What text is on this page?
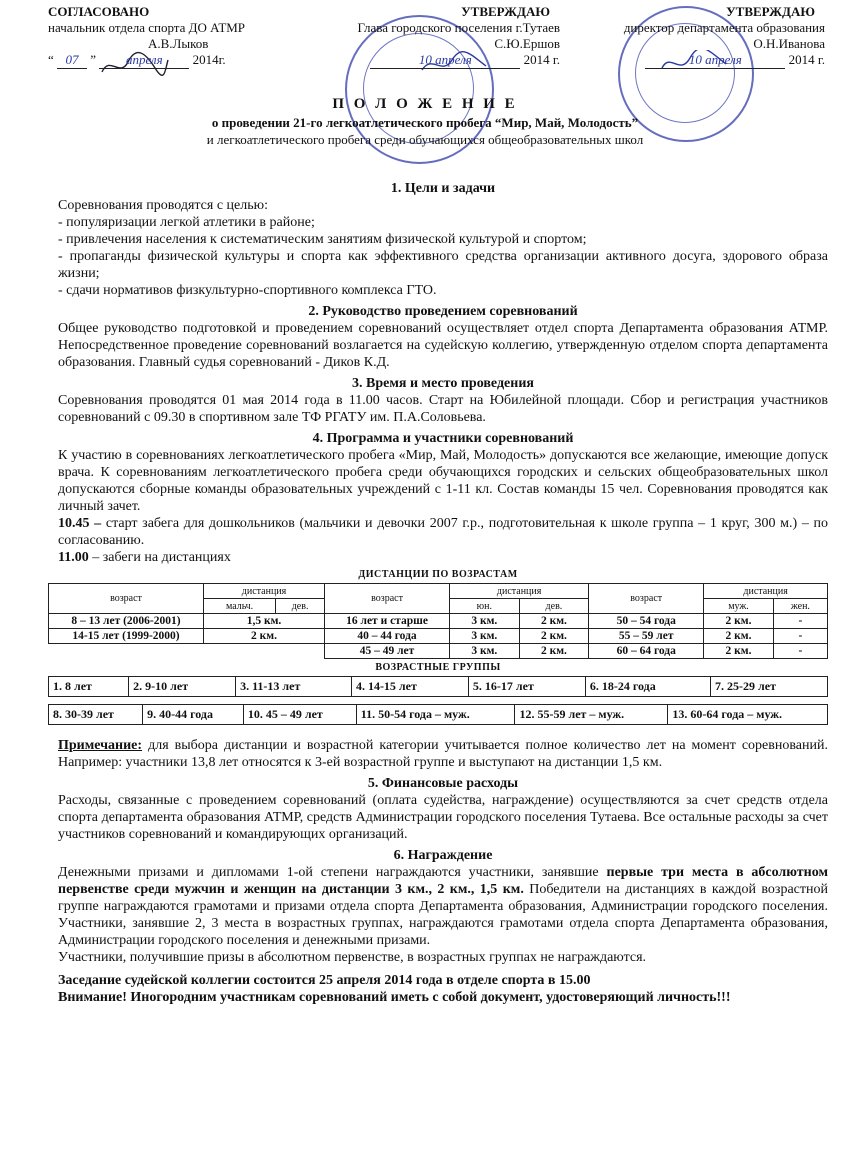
СОГЛАСОВАНО
начальник отдела спорта ДО АТМР
А.В.Лыков
“ 07 ” апреля 2014г.
УТВЕРЖДАЮ
Глава городского поселения г.Тутаев
С.Ю.Ершов
10 апреля	2014 г.
УТВЕРЖДАЮ
директор департамента образования
О.Н.Иванова
10 апреля	2014 г.
П О Л О Ж Е Н И Е
о проведении 21-го легкоатлетического пробега “Мир, Май, Молодость”
и легкоатлетического пробега среди обучающихся общеобразовательных школ
1. Цели и задачи

Соревнования проводятся с целью:

- популяризации легкой атлетики в районе;

- привлечения населения к систематическим занятиям физической культурой и спортом;

- пропаганды физической культуры и спорта как эффективного средства организации активного досуга, здорового образа жизни;

- сдачи нормативов физкультурно-спортивного комплекса ГТО.

2. Руководство проведением соревнований

Общее руководство подготовкой и проведением соревнований осуществляет отдел спорта Департамента образования АТМР. Непосредственное проведение соревнований возлагается на судейскую коллегию, утвержденную отделом спорта департамента образования. Главный судья соревнований - Диков К.Д.

3. Время и место проведения

Соревнования проводятся 01 мая 2014 года в 11.00 часов. Старт на Юбилейной площади. Сбор и регистрация участников соревнований с 09.30 в спортивном зале ТФ РГАТУ им. П.А.Соловьева.

4. Программа и участники соревнований

К участию в соревнованиях легкоатлетического пробега «Мир, Май, Молодость» допускаются все желающие, имеющие допуск врача. К соревнованиям легкоатлетического пробега среди обучающихся городских и сельских общеобразовательных школ допускаются сборные команды образовательных учреждений с 1-11 кл. Состав команды 15 чел. Соревнования проводятся как личный зачет.

10.45 – старт забега для дошкольников (мальчики и девочки 2007 г.р., подготовительная к школе группа – 1 круг, 300 м.) – по согласованию.

11.00 – забеги на дистанциях

ДИСТАНЦИИ ПО ВОЗРАСТАМ
возраст	дистанция		возраст	дистанция		возраст	дистанция	
	мальч.	дев.		юн.	дев.		муж.	жен.
8 – 13 лет (2006-2001)	1,5 км.		16 лет и старше	3 км.	2 км.	50 – 54 года	2 км.	-
14-15 лет (1999-2000)	2 км.		40 – 44 года	3 км.	2 км.	55 – 59 лет	2 км.	-
			45 – 49 лет	3 км.	2 км.	60 – 64 года	2 км.	-
ВОЗРАСТНЫЕ ГРУППЫ
1. 8 лет	2. 9-10 лет	3. 11-13 лет	4. 14-15 лет	5. 16-17 лет	6. 18-24 года	7. 25-29 лет
8. 30-39 лет	9. 40-44 года	10. 45 – 49 лет	11. 50-54 года – муж.	12. 55-59 лет – муж.	13. 60-64 года – муж.

Примечание: для выбора дистанции и возрастной категории учитывается полное количество лет на момент соревнований. Например: участники 13,8 лет относятся к 3-ей возрастной группе и выступают на дистанции 1,5 км.

5. Финансовые расходы

Расходы, связанные с проведением соревнований (оплата судейства, награждение) осуществляются за счет средств отдела спорта департамента образования АТМР, средств Администрации городского поселения Тутаева. Все остальные расходы за счет участников соревнований и командирующих организаций.

6. Награждение

Денежными призами и дипломами 1-ой степени награждаются участники, занявшие первые три места в абсолютном первенстве среди мужчин и женщин на дистанции 3 км., 2 км., 1,5 км. Победители на дистанциях в каждой возрастной группе награждаются грамотами и призами отдела спорта Департамента образования, Администрации городского поселения. Участники, занявшие 2, 3 места в возрастных группах, награждаются грамотами отдела спорта Департамента образования, Администрации городского поселения и денежными призами.

Участники, получившие призы в абсолютном первенстве, в возрастных группах не награждаются.

Заседание судейской коллегии состоится 25 апреля 2014 года в отделе спорта в 15.00

Внимание! Иногородним участникам соревнований иметь с собой документ, удостоверяющий личность!!!
